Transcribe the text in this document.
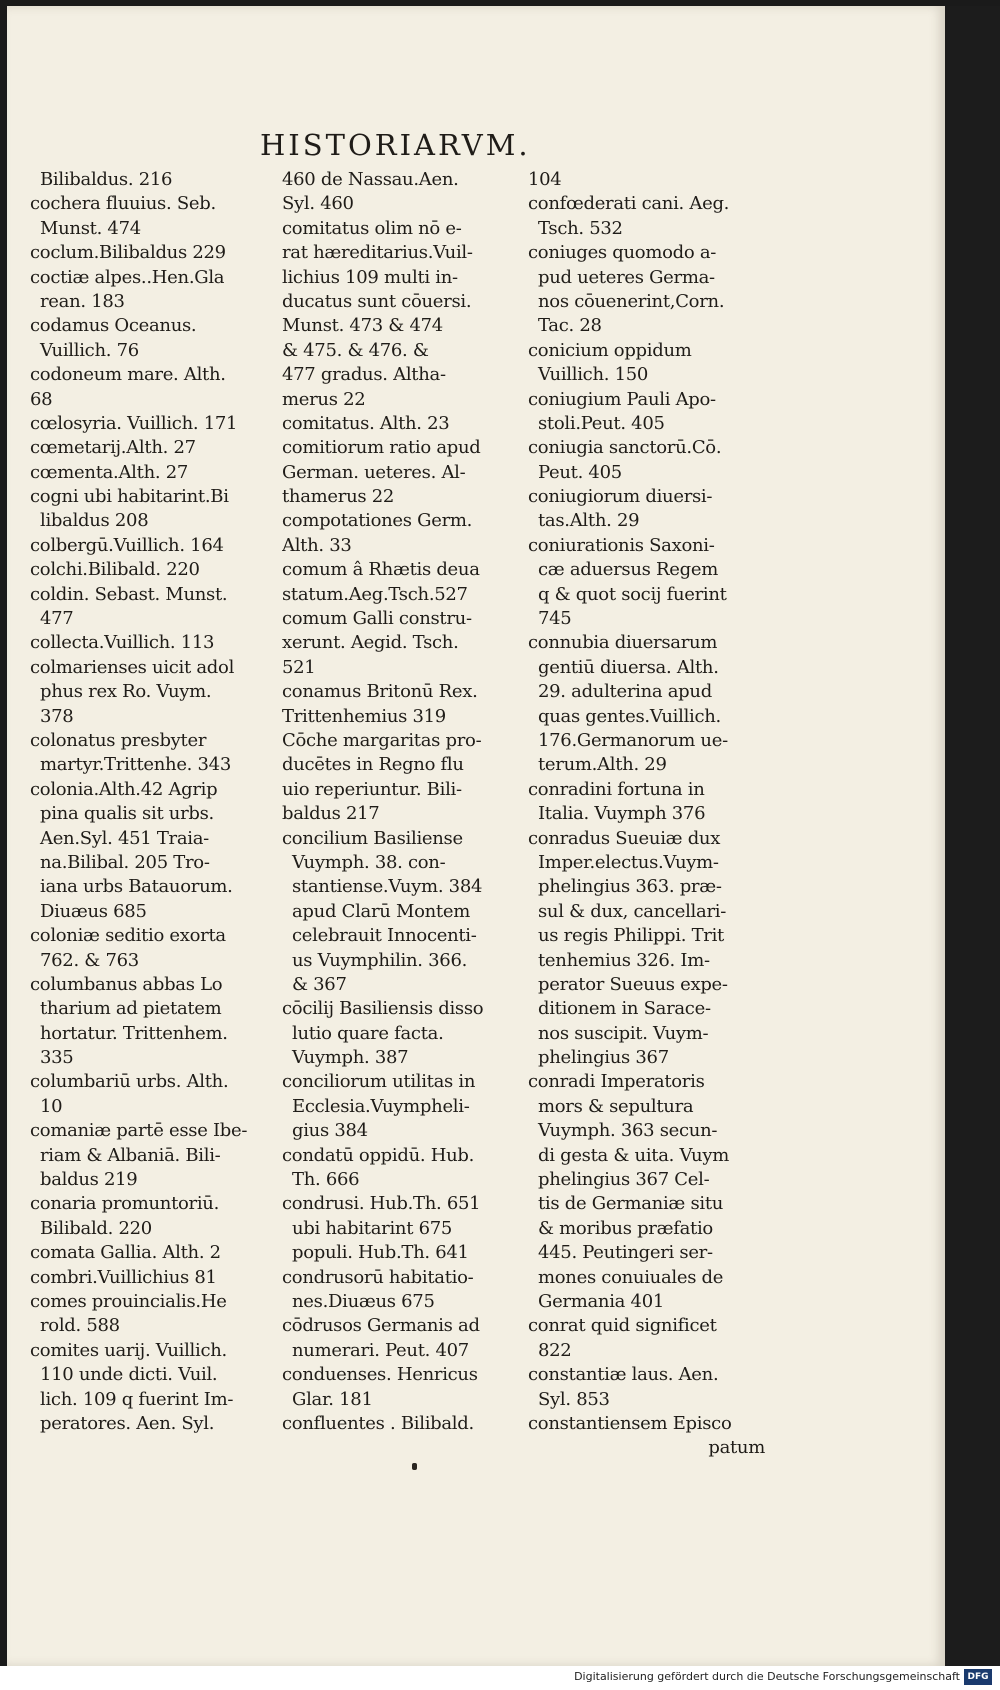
HISTORIARVM.
Bilibaldus. 216
cochera fluuius. Seb.
Munst. 474
coclum.Bilibaldus 229
coctiæ alpes..Hen.Gla
rean. 183
codamus Oceanus.
Vuillich. 76
codoneum mare. Alth.
68
cœlosyria. Vuillich. 171
cœmetarij.Alth. 27
cœmenta.Alth. 27
cogni ubi habitarint.Bi
libaldus 208
colbergū.Vuillich. 164
colchi.Bilibald. 220
coldin. Sebast. Munst.
477
collecta.Vuillich. 113
colmarienses uicit adol
phus rex Ro. Vuym.
378
colonatus presbyter
martyr.Trittenhe. 343
colonia.Alth.42 Agrip
pina qualis sit urbs.
Aen.Syl. 451 Traia-
na.Bilibal. 205 Tro-
iana urbs Batauorum.
Diuæus 685
coloniæ seditio exorta
762. & 763
columbanus abbas Lo
tharium ad pietatem
hortatur. Trittenhem.
335
columbariū urbs. Alth.
10
comaniæ partē esse Ibe-
riam & Albaniā. Bili-
baldus 219
conaria promuntoriū.
Bilibald. 220
comata Gallia. Alth. 2
combri.Vuillichius 81
comes prouincialis.He
rold. 588
comites uarij. Vuillich.
110 unde dicti. Vuil.
lich. 109 q fuerint Im-
peratores. Aen. Syl.
460 de Nassau.Aen.
Syl. 460
comitatus olim nō e-
rat hæreditarius.Vuil-
lichius 109 multi in-
ducatus sunt cōuersi.
Munst. 473 & 474
& 475. & 476. &
477 gradus. Altha-
merus 22
comitatus. Alth. 23
comitiorum ratio apud
German. ueteres. Al-
thamerus 22
compotationes Germ.
Alth. 33
comum â Rhætis deua
statum.Aeg.Tsch.527
comum Galli constru-
xerunt. Aegid. Tsch.
521
conamus Britonū Rex.
Trittenhemius 319
Cōche margaritas pro-
ducētes in Regno flu
uio reperiuntur. Bili-
baldus 217
concilium Basiliense
Vuymph. 38. con-
stantiense.Vuym. 384
apud Clarū Montem
celebrauit Innocenti-
us Vuymphilin. 366.
& 367
cōcilij Basiliensis disso
lutio quare facta.
Vuymph. 387
conciliorum utilitas in
Ecclesia.Vuympheli-
gius 384
condatū oppidū. Hub.
Th. 666
condrusi. Hub.Th. 651
ubi habitarint 675
populi. Hub.Th. 641
condrusorū habitatio-
nes.Diuæus 675
cōdrusos Germanis ad
numerari. Peut. 407
conduenses. Henricus
Glar. 181
confluentes . Bilibald.
104
confœderati cani. Aeg.
Tsch. 532
coniuges quomodo a-
pud ueteres Germa-
nos cōuenerint,Corn.
Tac. 28
conicium oppidum
Vuillich. 150
coniugium Pauli Apo-
stoli.Peut. 405
coniugia sanctorū.Cō.
Peut. 405
coniugiorum diuersi-
tas.Alth. 29
coniurationis Saxoni-
cæ aduersus Regem
q & quot socij fuerint
745
connubia diuersarum
gentiū diuersa. Alth.
29. adulterina apud
quas gentes.Vuillich.
176.Germanorum ue-
terum.Alth. 29
conradini fortuna in
Italia. Vuymph 376
conradus Sueuiæ dux
Imper.electus.Vuym-
phelingius 363. præ-
sul & dux, cancellari-
us regis Philippi. Trit
tenhemius 326. Im-
perator Sueuus expe-
ditionem in Sarace-
nos suscipit. Vuym-
phelingius 367
conradi Imperatoris
mors & sepultura
Vuymph. 363 secun-
di gesta & uita. Vuym
phelingius 367 Cel-
tis de Germaniæ situ
& moribus præfatio
445. Peutingeri ser-
mones conuiuales de
Germania 401
conrat quid significet
822
constantiæ laus. Aen.
Syl. 853
constantiensem Episco
patum
Digitalisierung gefördert durch die Deutsche Forschungsgemeinschaft DFG
